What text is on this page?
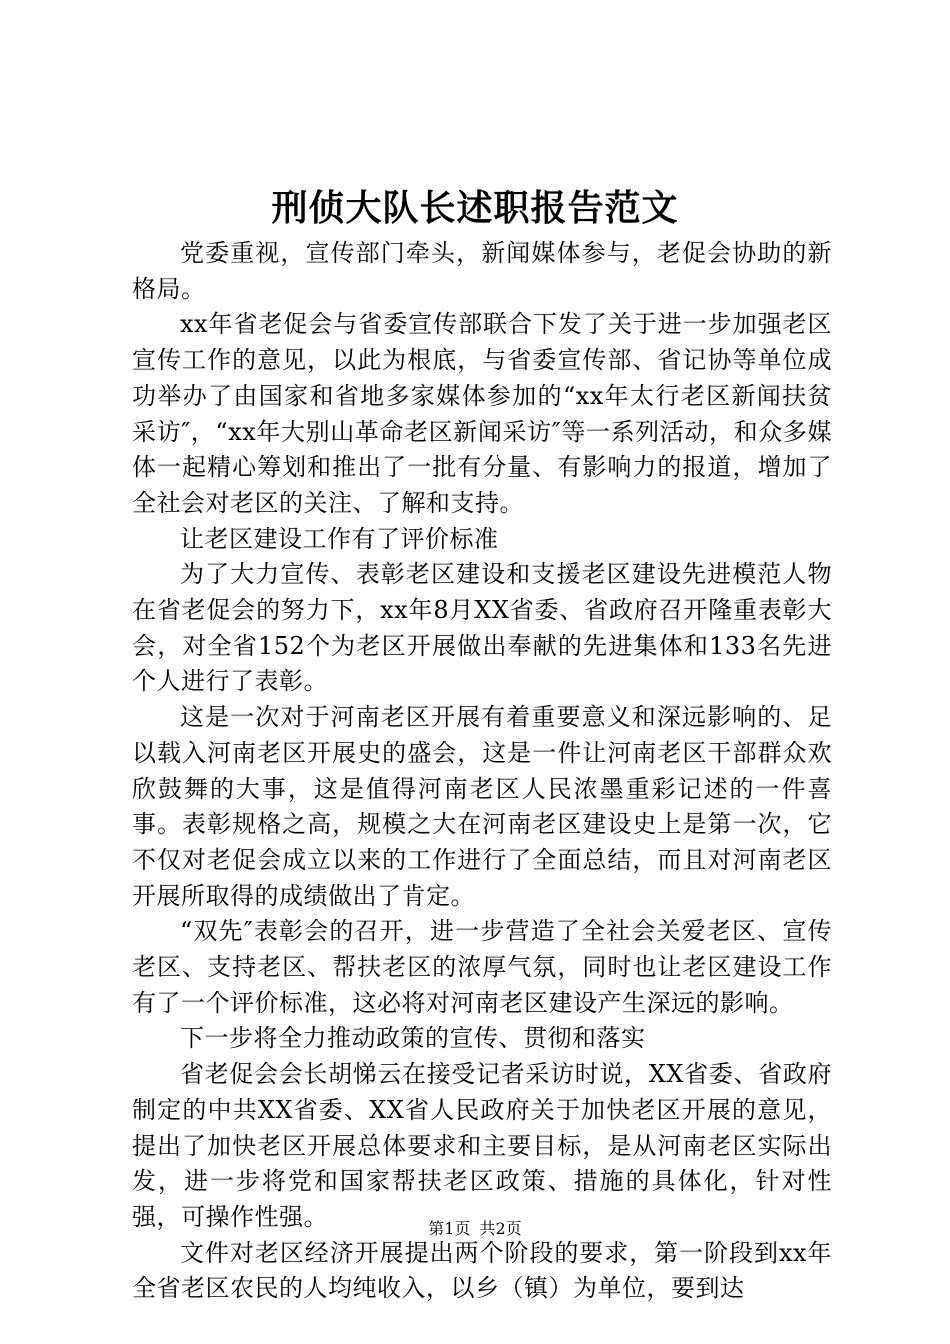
刑侦大队长述职报告范文

党委重视，宣传部门牵头，新闻媒体参与，老促会协助的新格局。

xx年省老促会与省委宣传部联合下发了关于进一步加强老区宣传工作的意见，以此为根底，与省委宣传部、省记协等单位成功举办了由国家和省地多家媒体参加的“xx年太行老区新闻扶贫采访″，“xx年大别山革命老区新闻采访″等一系列活动，和众多媒体一起精心筹划和推出了一批有分量、有影响力的报道，增加了全社会对老区的关注、了解和支持。

让老区建设工作有了评价标准

为了大力宣传、表彰老区建设和支援老区建设先进模范人物在省老促会的努力下，xx年8月XX省委、省政府召开隆重表彰大会，对全省152个为老区开展做出奉献的先进集体和133名先进个人进行了表彰。

这是一次对于河南老区开展有着重要意义和深远影响的、足以载入河南老区开展史的盛会，这是一件让河南老区干部群众欢欣鼓舞的大事，这是值得河南老区人民浓墨重彩记述的一件喜事。表彰规格之高，规模之大在河南老区建设史上是第一次，它不仅对老促会成立以来的工作进行了全面总结，而且对河南老区开展所取得的成绩做出了肯定。

“双先″表彰会的召开，进一步营造了全社会关爱老区、宣传老区、支持老区、帮扶老区的浓厚气氛，同时也让老区建设工作有了一个评价标准，这必将对河南老区建设产生深远的影响。

下一步将全力推动政策的宣传、贯彻和落实

省老促会会长胡悌云在接受记者采访时说，XX省委、省政府制定的中共XX省委、XX省人民政府关于加快老区开展的意见，提出了加快老区开展总体要求和主要目标，是从河南老区实际出发，进一步将党和国家帮扶老区政策、措施的具体化，针对性强，可操作性强。

文件对老区经济开展提出两个阶段的要求，第一阶段到xx年全省老区农民的人均纯收入，以乡（镇）为单位，要到达

第1页 共2页
